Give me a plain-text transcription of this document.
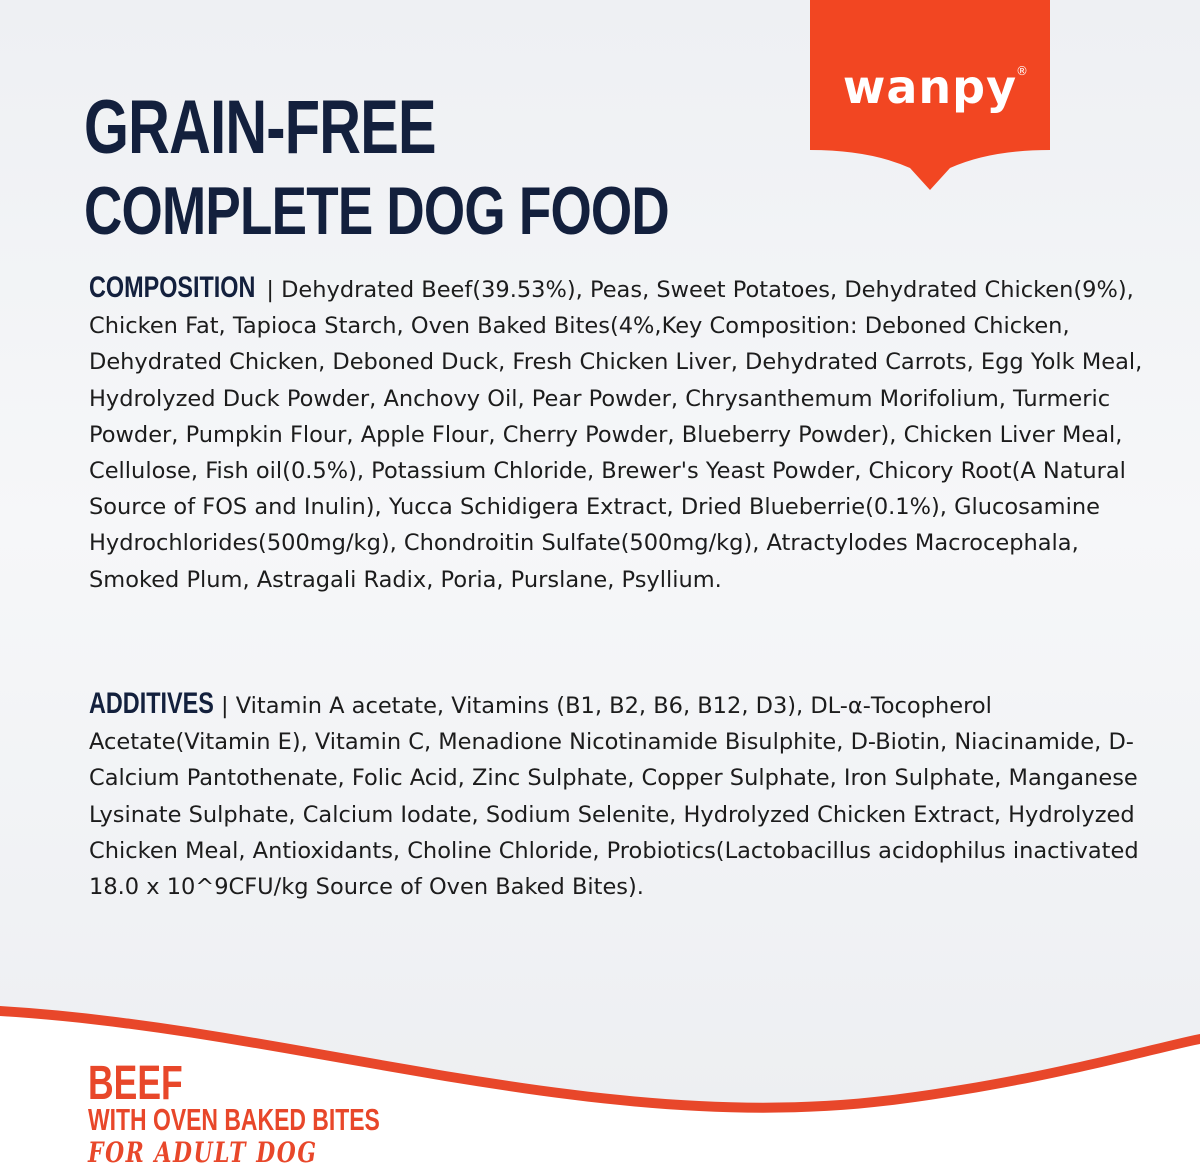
wanpy
®
GRAIN-FREE
COMPLETE DOG FOOD
COMPOSITION | Dehydrated Beef(39.53%), Peas, Sweet Potatoes, Dehydrated Chicken(9%), Chicken Fat, Tapioca Starch, Oven Baked Bites(4%,Key Composition: Deboned Chicken, Dehydrated Chicken, Deboned Duck, Fresh Chicken Liver, Dehydrated Carrots, Egg Yolk Meal, Hydrolyzed Duck Powder, Anchovy Oil, Pear Powder, Chrysanthemum Morifolium, Turmeric Powder, Pumpkin Flour, Apple Flour, Cherry Powder, Blueberry Powder), Chicken Liver Meal, Cellulose, Fish oil(0.5%), Potassium Chloride, Brewer's Yeast Powder, Chicory Root(A Natural Source of FOS and Inulin), Yucca Schidigera Extract, Dried Blueberrie(0.1%), Glucosamine Hydrochlorides(500mg/kg), Chondroitin Sulfate(500mg/kg), Atractylodes Macrocephala, Smoked Plum, Astragali Radix, Poria, Purslane, Psyllium.
ADDITIVES | Vitamin A acetate, Vitamins (B1, B2, B6, B12, D3), DL-α-Tocopherol Acetate(Vitamin E), Vitamin C, Menadione Nicotinamide Bisulphite, D-Biotin, Niacinamide, D-Calcium Pantothenate, Folic Acid, Zinc Sulphate, Copper Sulphate, Iron Sulphate, Manganese Lysinate Sulphate, Calcium Iodate, Sodium Selenite, Hydrolyzed Chicken Extract, Hydrolyzed Chicken Meal, Antioxidants, Choline Chloride, Probiotics(Lactobacillus acidophilus inactivated 18.0 x 10^9CFU/kg Source of Oven Baked Bites).
BEEF
WITH OVEN BAKED BITES
FOR ADULT DOG
